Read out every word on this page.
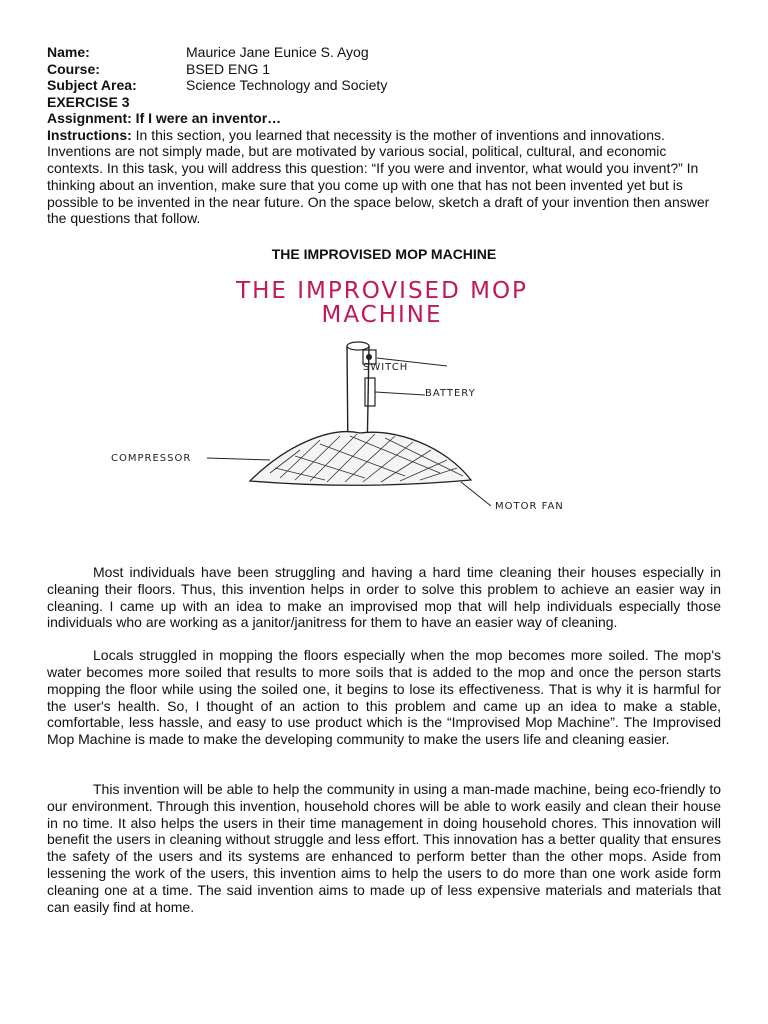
Name:	Maurice Jane Eunice S. Ayog
Course:	BSED ENG 1
Subject Area:	Science Technology and Society
EXERCISE 3
Assignment: If I were an inventor…

Instructions: In this section, you learned that necessity is the mother of inventions and innovations. Inventions are not simply made, but are motivated by various social, political, cultural, and economic contexts. In this task, you will address this question: “If you were and inventor, what would you invent?” In thinking about an invention, make sure that you come up with one that has not been invented yet but is possible to be invented in the near future. On the space below, sketch a draft of your invention then answer the questions that follow.

THE IMPROVISED MOP MACHINE
THE IMPROVISED MOP
MACHINE
SWITCH
BATTERY
COMPRESSOR
MOTOR FAN

Most individuals have been struggling and having a hard time cleaning their houses especially in cleaning their floors. Thus, this invention helps in order to solve this problem to achieve an easier way in cleaning. I came up with an idea to make an improvised mop that will help individuals especially those individuals who are working as a janitor/janitress for them to have an easier way of cleaning.

Locals struggled in mopping the floors especially when the mop becomes more soiled. The mop's water becomes more soiled that results to more soils that is added to the mop and once the person starts mopping the floor while using the soiled one, it begins to lose its effectiveness. That is why it is harmful for the user's health. So, I thought of an action to this problem and came up an idea to make a stable, comfortable, less hassle, and easy to use product which is the “Improvised Mop Machine”. The Improvised Mop Machine is made to make the developing community to make the users life and cleaning easier.

This invention will be able to help the community in using a man-made machine, being eco-friendly to our environment. Through this invention, household chores will be able to work easily and clean their house in no time. It also helps the users in their time management in doing household chores. This innovation will benefit the users in cleaning without struggle and less effort. This innovation has a better quality that ensures the safety of the users and its systems are enhanced to perform better than the other mops. Aside from lessening the work of the users, this invention aims to help the users to do more than one work aside form cleaning one at a time. The said invention aims to made up of less expensive materials and materials that can easily find at home.
